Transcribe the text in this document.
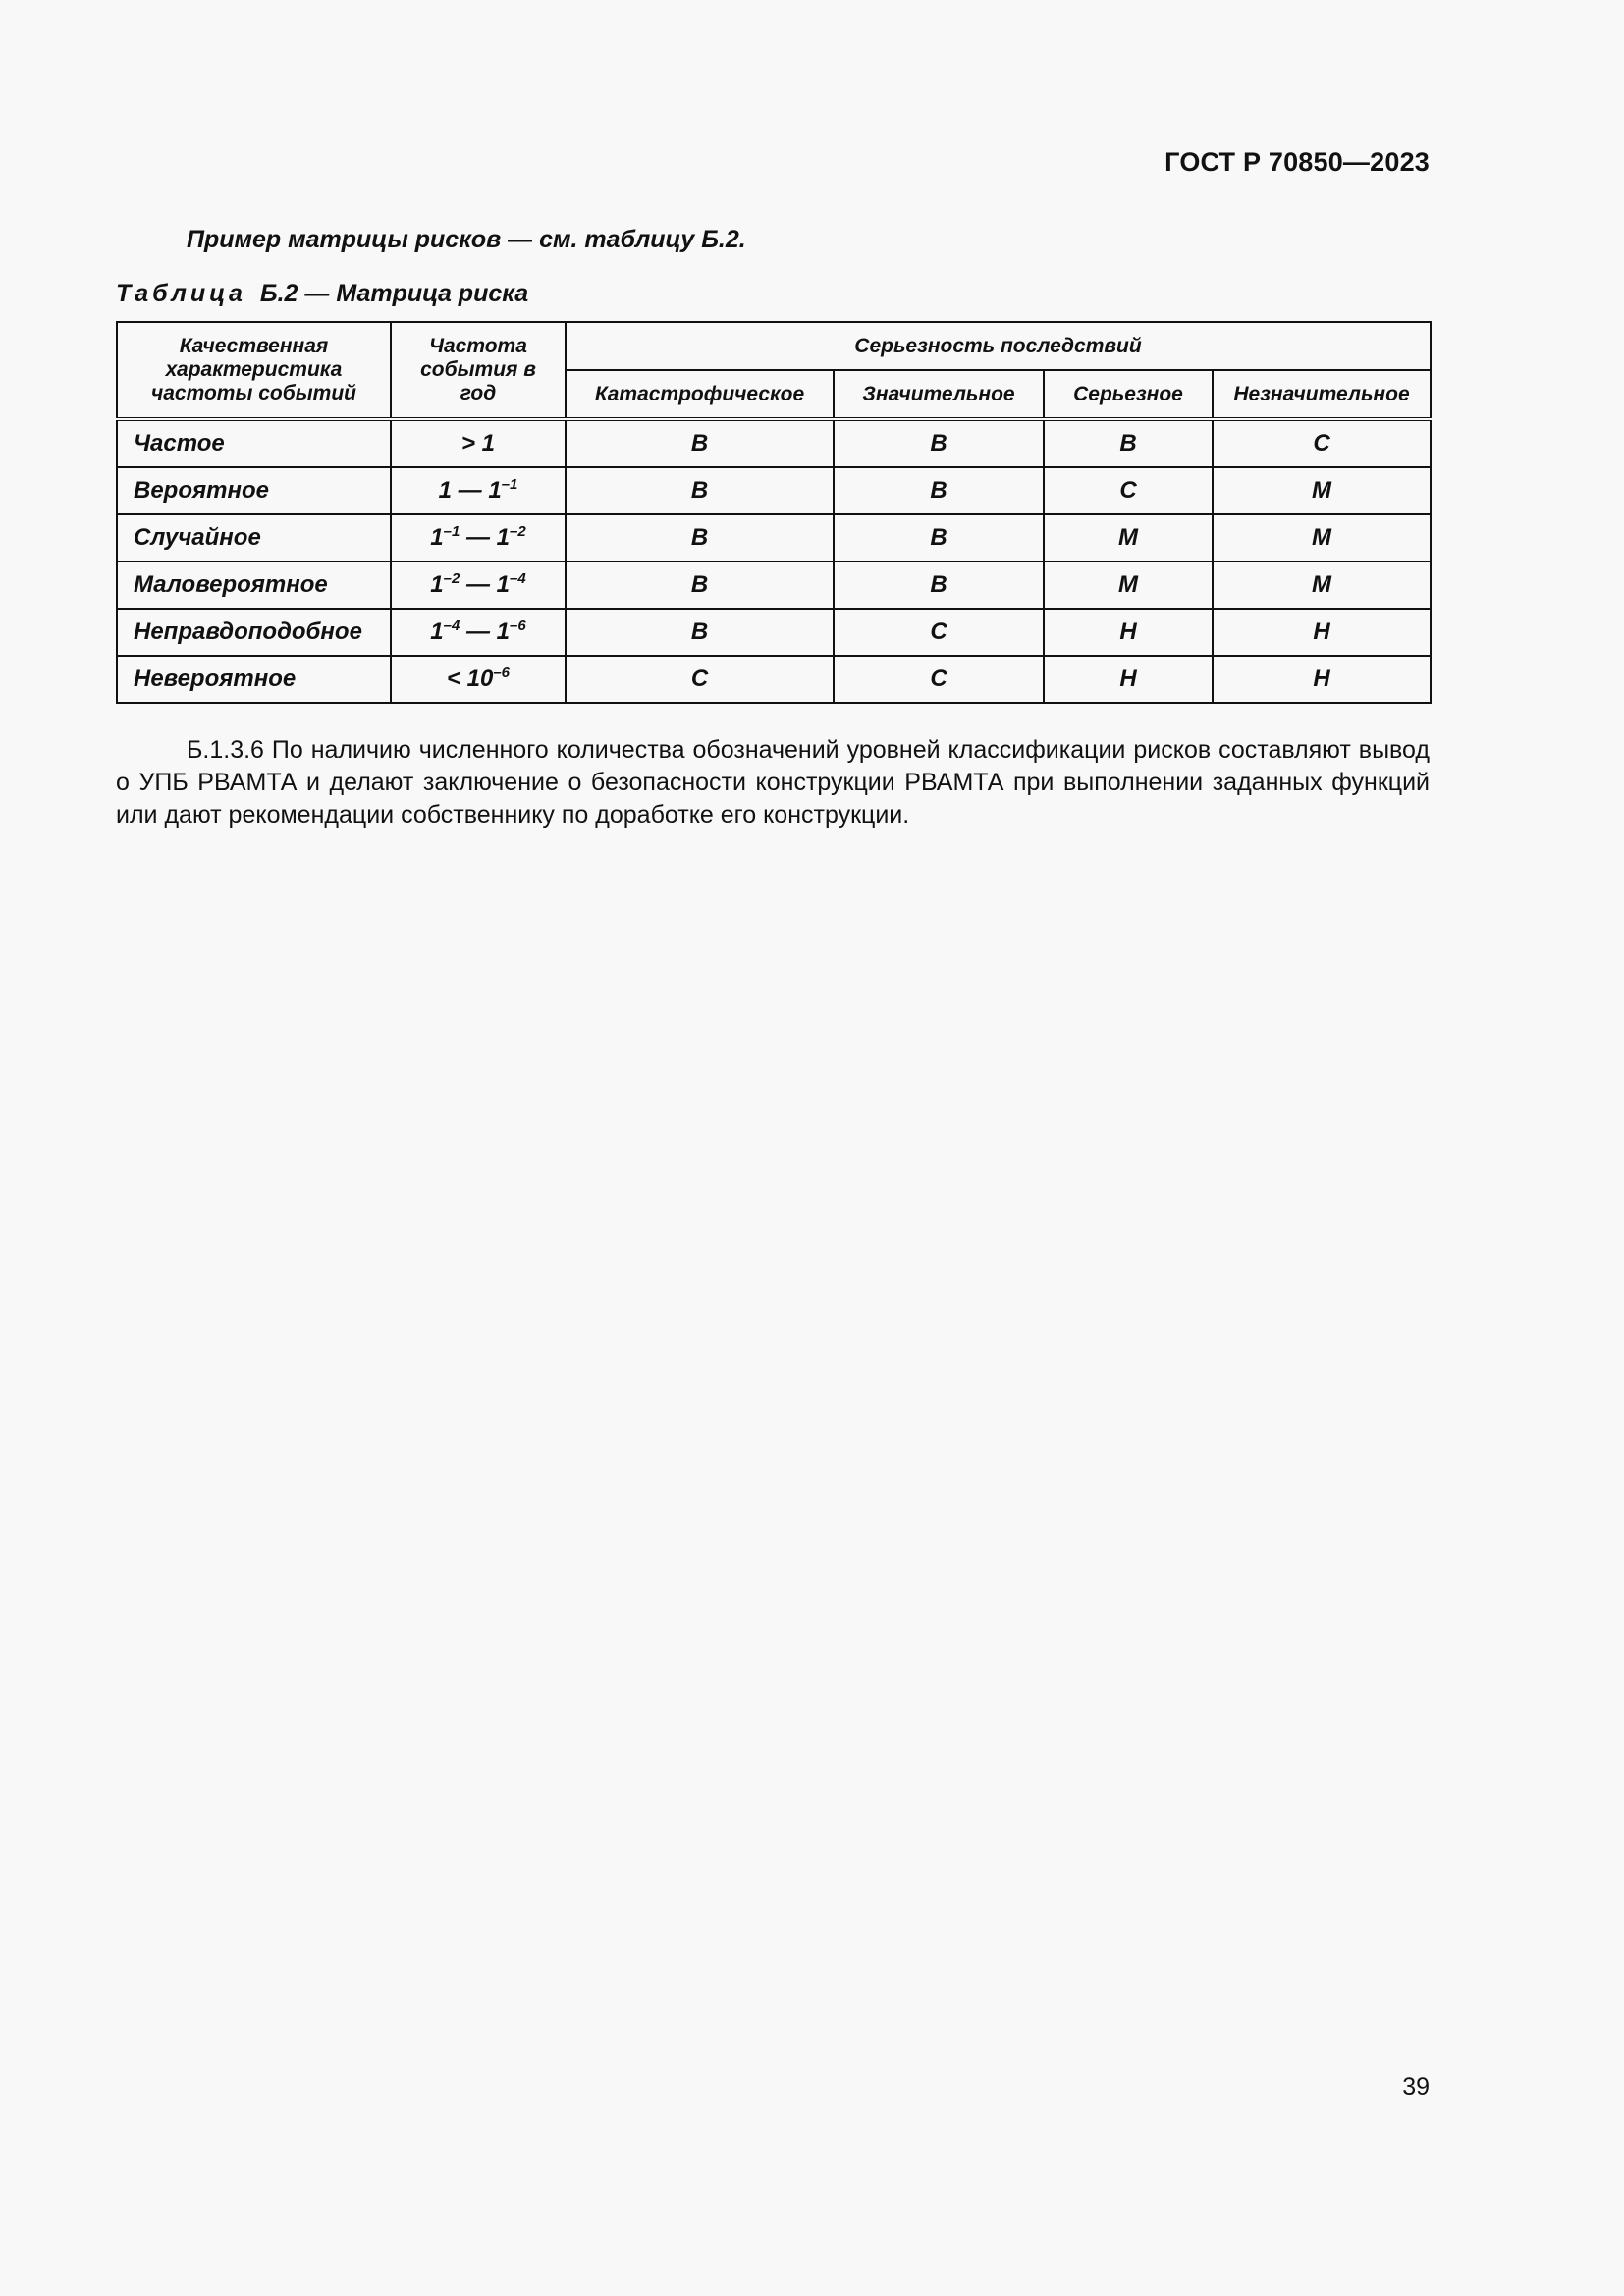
ГОСТ Р 70850—2023
Пример матрицы рисков — см. таблицу Б.2.
Таблица Б.2 — Матрица риска
Качественная характеристика частоты событий	Частота события в год	Серьезность последствий			
		Катастрофическое	Значительное	Серьезное	Незначительное
Частое	> 1	В	В	В	С
Вероятное	1 — $1^{-1}$	В	В	С	М
Случайное	$1^{-1}$ — $1^{-2}$	В	В	М	М
Маловероятное	$1^{-2}$ — $1^{-4}$	В	В	М	М
Неправдоподобное	$1^{-4}$ — $1^{-6}$	В	С	Н	Н
Невероятное	< $10^{-6}$	С	С	Н	Н
Б.1.3.6 По наличию численного количества обозначений уровней классификации рисков составляют вывод о УПБ РВАМТА и делают заключение о безопасности конструкции РВАМТА при выполнении заданных функций или дают рекомендации собственнику по доработке его конструкции.
39
